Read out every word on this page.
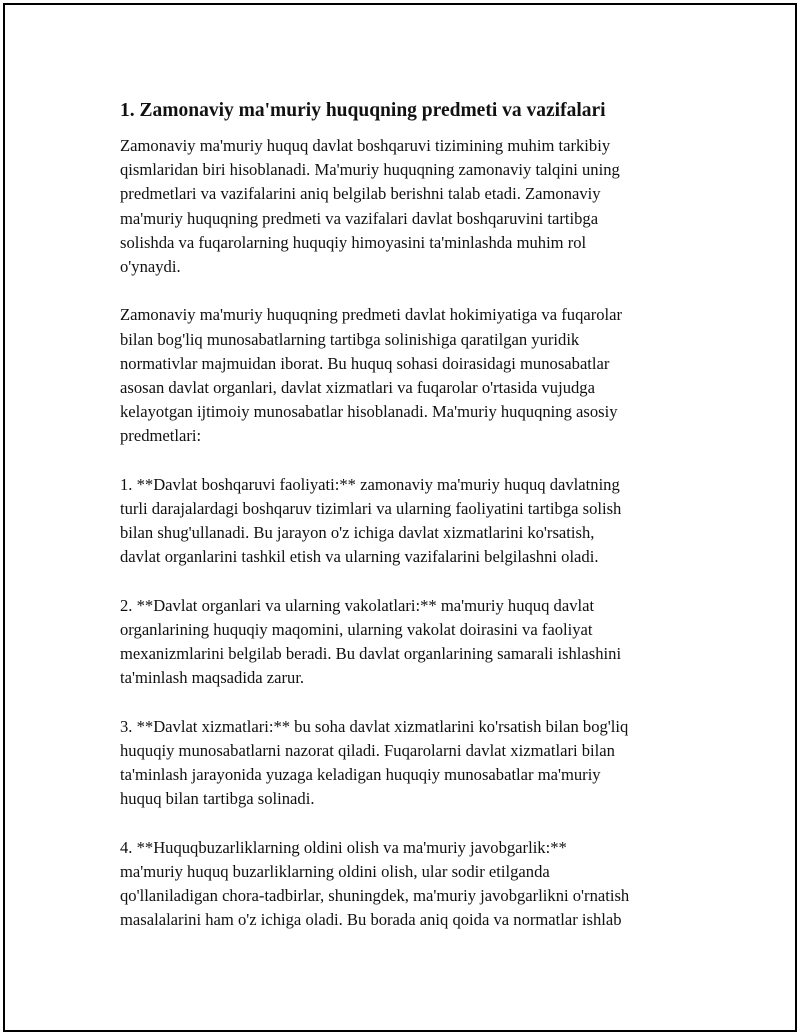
1. Zamonaviy ma'muriy huquqning predmeti va vazifalari

Zamonaviy ma'muriy huquq davlat boshqaruvi tizimining muhim tarkibiy
qismlaridan biri hisoblanadi. Ma'muriy huquqning zamonaviy talqini uning
predmetlari va vazifalarini aniq belgilab berishni talab etadi. Zamonaviy
ma'muriy huquqning predmeti va vazifalari davlat boshqaruvini tartibga
solishda va fuqarolarning huquqiy himoyasini ta'minlashda muhim rol
o'ynaydi.

Zamonaviy ma'muriy huquqning predmeti davlat hokimiyatiga va fuqarolar
bilan bog'liq munosabatlarning tartibga solinishiga qaratilgan yuridik
normativlar majmuidan iborat. Bu huquq sohasi doirasidagi munosabatlar
asosan davlat organlari, davlat xizmatlari va fuqarolar o'rtasida vujudga
kelayotgan ijtimoiy munosabatlar hisoblanadi. Ma'muriy huquqning asosiy
predmetlari:

1. **Davlat boshqaruvi faoliyati:** zamonaviy ma'muriy huquq davlatning
turli darajalardagi boshqaruv tizimlari va ularning faoliyatini tartibga solish
bilan shug'ullanadi. Bu jarayon o'z ichiga davlat xizmatlarini ko'rsatish,
davlat organlarini tashkil etish va ularning vazifalarini belgilashni oladi.

2. **Davlat organlari va ularning vakolatlari:** ma'muriy huquq davlat
organlarining huquqiy maqomini, ularning vakolat doirasini va faoliyat
mexanizmlarini belgilab beradi. Bu davlat organlarining samarali ishlashini
ta'minlash maqsadida zarur.

3. **Davlat xizmatlari:** bu soha davlat xizmatlarini ko'rsatish bilan bog'liq
huquqiy munosabatlarni nazorat qiladi. Fuqarolarni davlat xizmatlari bilan
ta'minlash jarayonida yuzaga keladigan huquqiy munosabatlar ma'muriy
huquq bilan tartibga solinadi.

4. **Huquqbuzarliklarning oldini olish va ma'muriy javobgarlik:**
ma'muriy huquq buzarliklarning oldini olish, ular sodir etilganda
qo'llaniladigan chora-tadbirlar, shuningdek, ma'muriy javobgarlikni o'rnatish
masalalarini ham o'z ichiga oladi. Bu borada aniq qoida va normatlar ishlab
